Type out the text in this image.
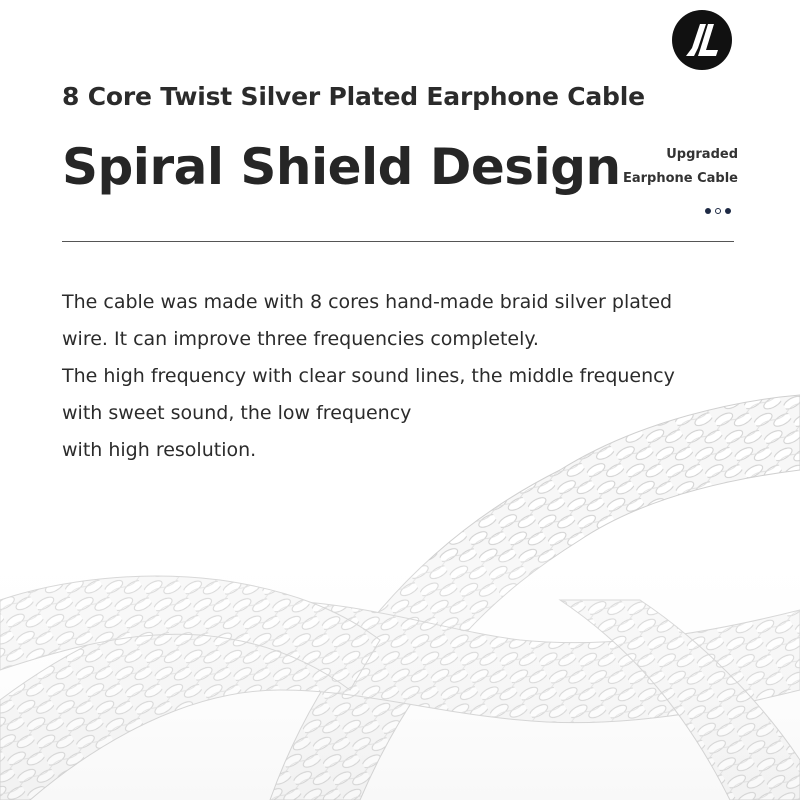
8 Core Twist Silver Plated Earphone Cable
Spiral Shield Design	Upgraded
Earphone Cable
The cable was made with 8 cores hand-made braid silver plated
wire. It can improve three frequencies completely.
The high frequency with clear sound lines, the middle frequency
with sweet sound, the low frequency
with high resolution.
